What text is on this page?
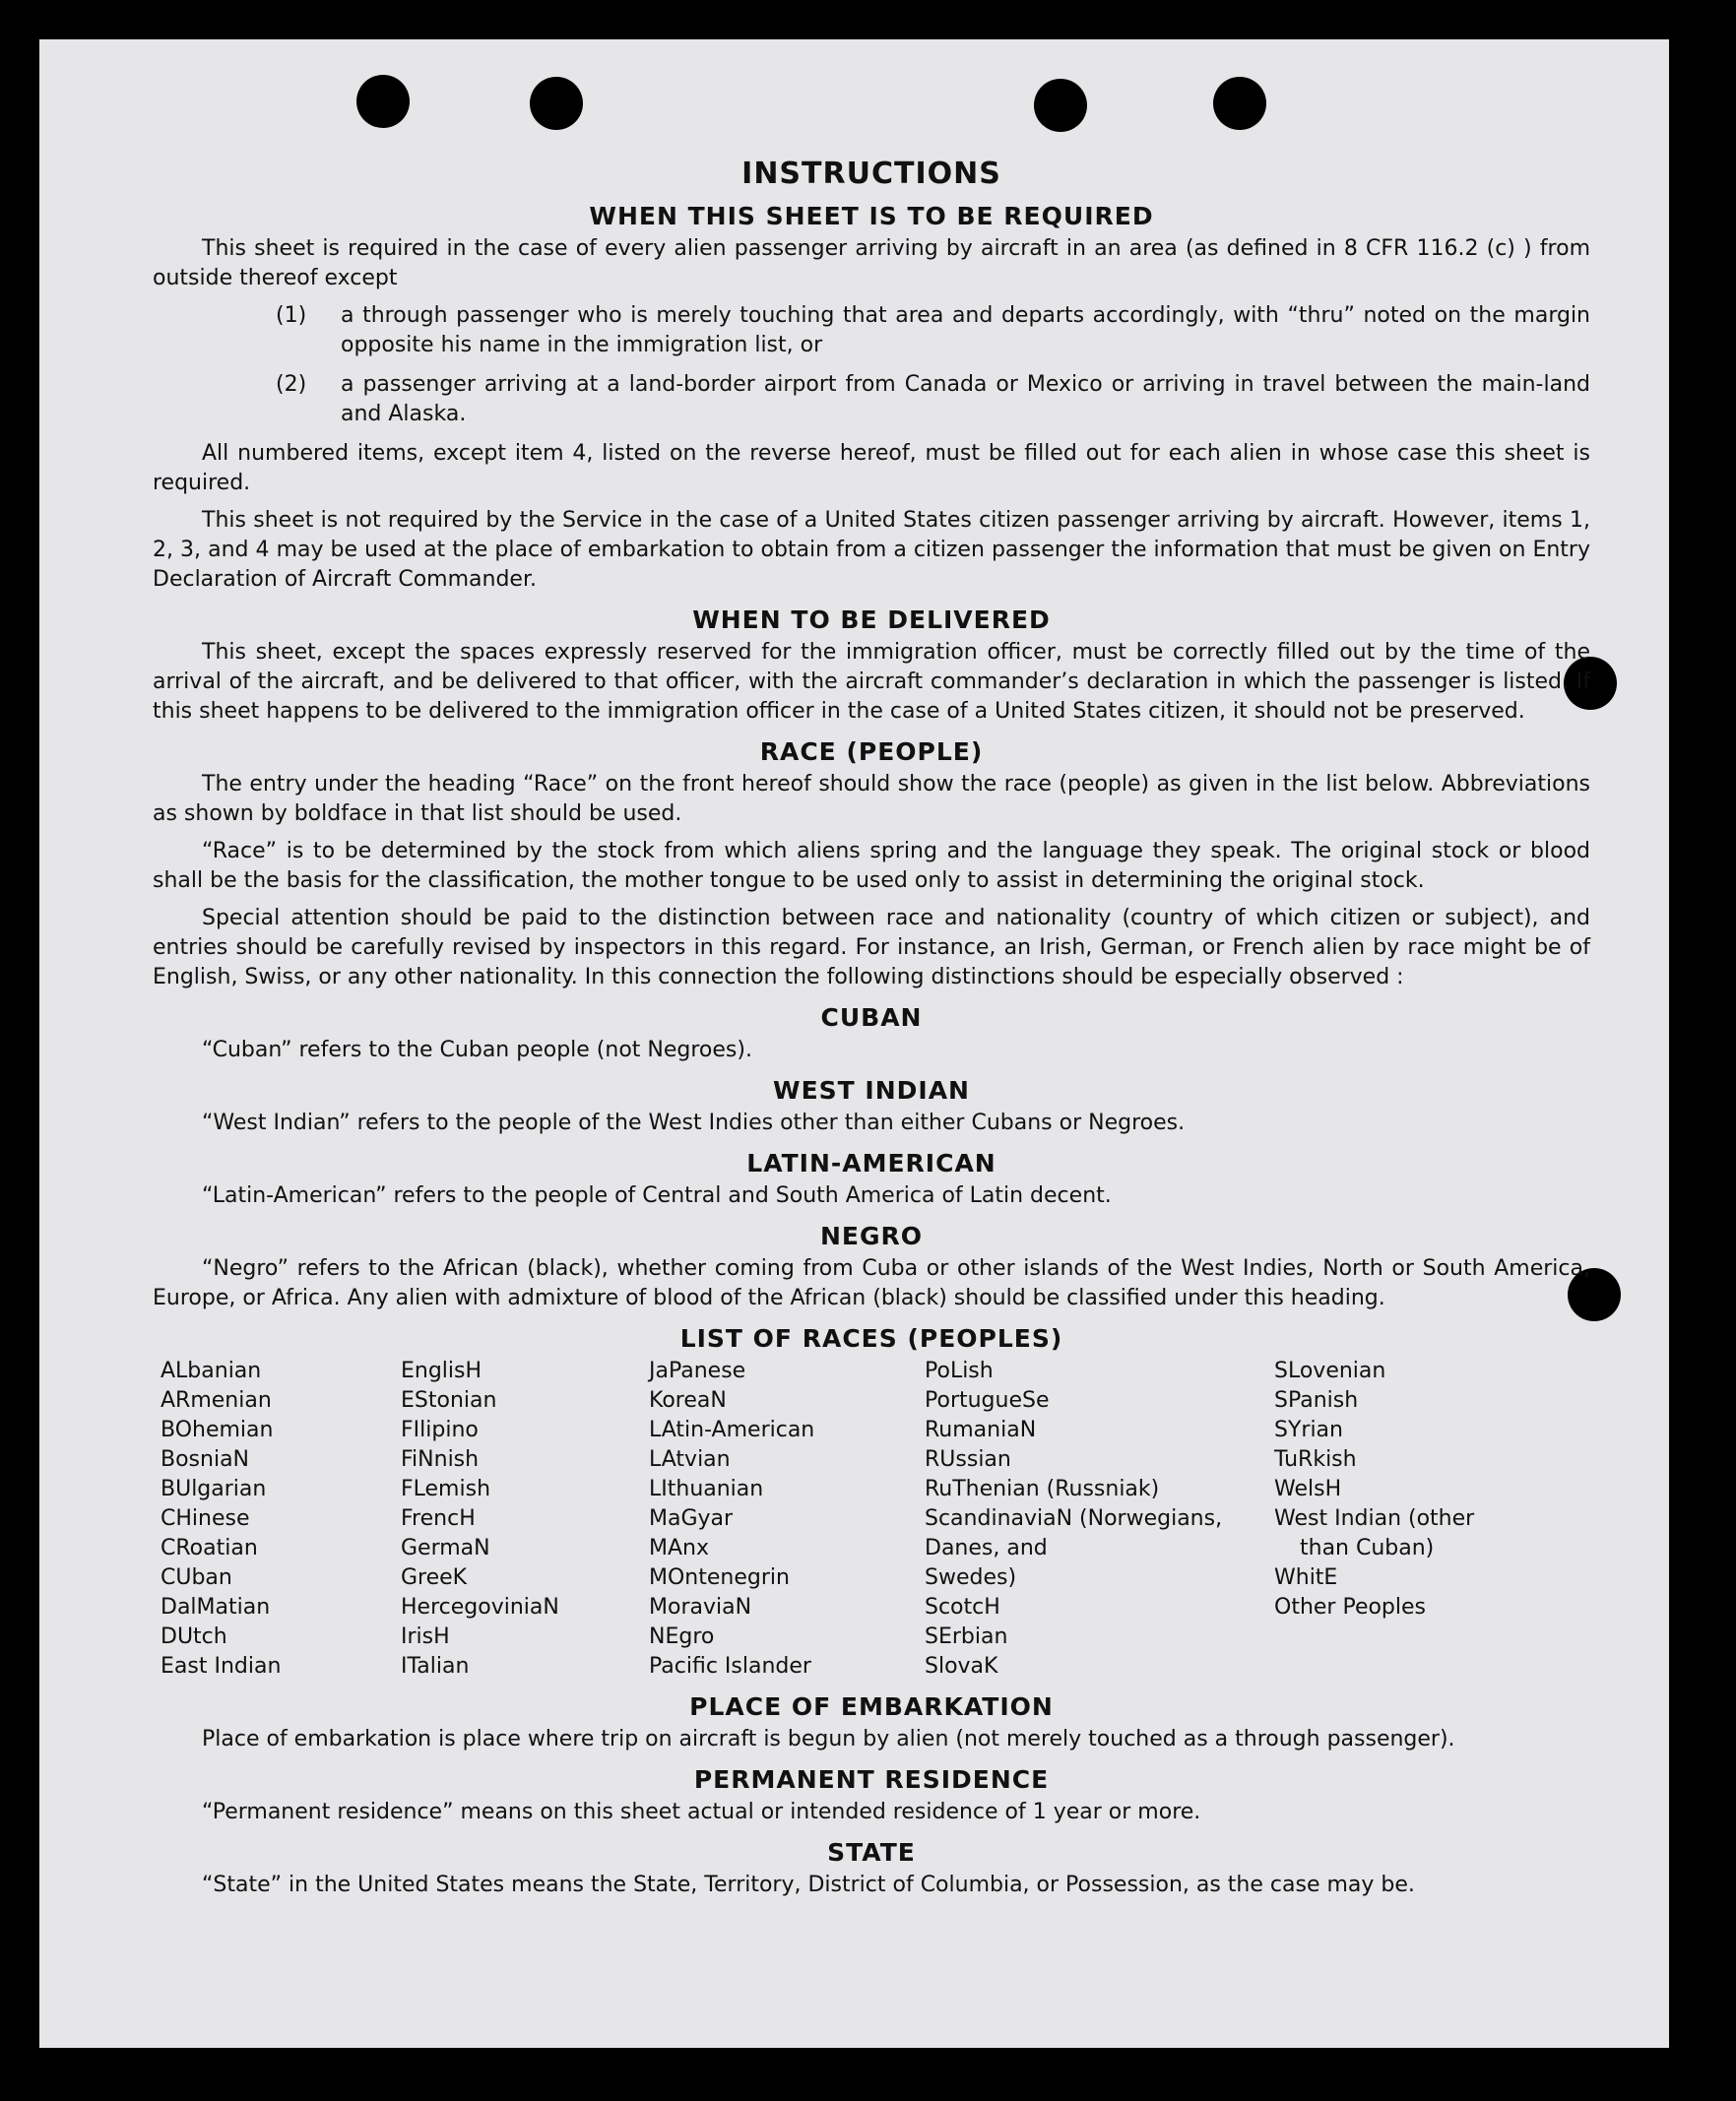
INSTRUCTIONS
WHEN THIS SHEET IS TO BE REQUIRED
This sheet is required in the case of every alien passenger arriving by aircraft in an area (as defined in 8 CFR 116.2 (c) ) from outside thereof except
(1)	a through passenger who is merely touching that area and departs accordingly, with “thru” noted on the margin opposite his name in the immigration list, or
(2)	a passenger arriving at a land-border airport from Canada or Mexico or arriving in travel between the main-land and Alaska.
All numbered items, except item 4, listed on the reverse hereof, must be filled out for each alien in whose case this sheet is required.
This sheet is not required by the Service in the case of a United States citizen passenger arriving by aircraft. However, items 1, 2, 3, and 4 may be used at the place of embarkation to obtain from a citizen passenger the information that must be given on Entry Declaration of Aircraft Commander.
WHEN TO BE DELIVERED
This sheet, except the spaces expressly reserved for the immigration officer, must be correctly filled out by the time of the arrival of the aircraft, and be delivered to that officer, with the aircraft commander’s declaration in which the passenger is listed. If this sheet happens to be delivered to the immigration officer in the case of a United States citizen, it should not be preserved.
RACE (PEOPLE)
The entry under the heading “Race” on the front hereof should show the race (people) as given in the list below. Abbreviations as shown by boldface in that list should be used.
“Race” is to be determined by the stock from which aliens spring and the language they speak. The original stock or blood shall be the basis for the classification, the mother tongue to be used only to assist in determining the original stock.
Special attention should be paid to the distinction between race and nationality (country of which citizen or subject), and entries should be carefully revised by inspectors in this regard. For instance, an Irish, German, or French alien by race might be of English, Swiss, or any other nationality. In this connection the following distinctions should be especially observed :
CUBAN
“Cuban” refers to the Cuban people (not Negroes).
WEST INDIAN
“West Indian” refers to the people of the West Indies other than either Cubans or Negroes.
LATIN-AMERICAN
“Latin-American” refers to the people of Central and South America of Latin decent.
NEGRO
“Negro” refers to the African (black), whether coming from Cuba or other islands of the West Indies, North or South America, Europe, or Africa. Any alien with admixture of blood of the African (black) should be classified under this heading.
LIST OF RACES (PEOPLES)
ALbanian
ARmenian
BOhemian
BosniaN
BUlgarian
CHinese
CRoatian
CUban
DalMatian
DUtch
East Indian
EnglisH
EStonian
FIlipino
FiNnish
FLemish
FrencH
GermaN
GreeK
HercegoviniaN
IrisH
ITalian
JaPanese
KoreaN
LAtin-American
LAtvian
LIthuanian
MaGyar
MAnx
MOntenegrin
MoraviaN
NEgro
Pacific Islander
PoLish
PortugueSe
RumaniaN
RUssian
RuThenian (Russniak)
ScandinaviaN (Norwegians,
Danes, and
Swedes)
ScotcH
SErbian
SlovaK
SLovenian
SPanish
SYrian
TuRkish
WelsH
West Indian (other
than Cuban)
WhitE
Other Peoples
PLACE OF EMBARKATION
Place of embarkation is place where trip on aircraft is begun by alien (not merely touched as a through passenger).
PERMANENT RESIDENCE
“Permanent residence” means on this sheet actual or intended residence of 1 year or more.
STATE
“State” in the United States means the State, Territory, District of Columbia, or Possession, as the case may be.
